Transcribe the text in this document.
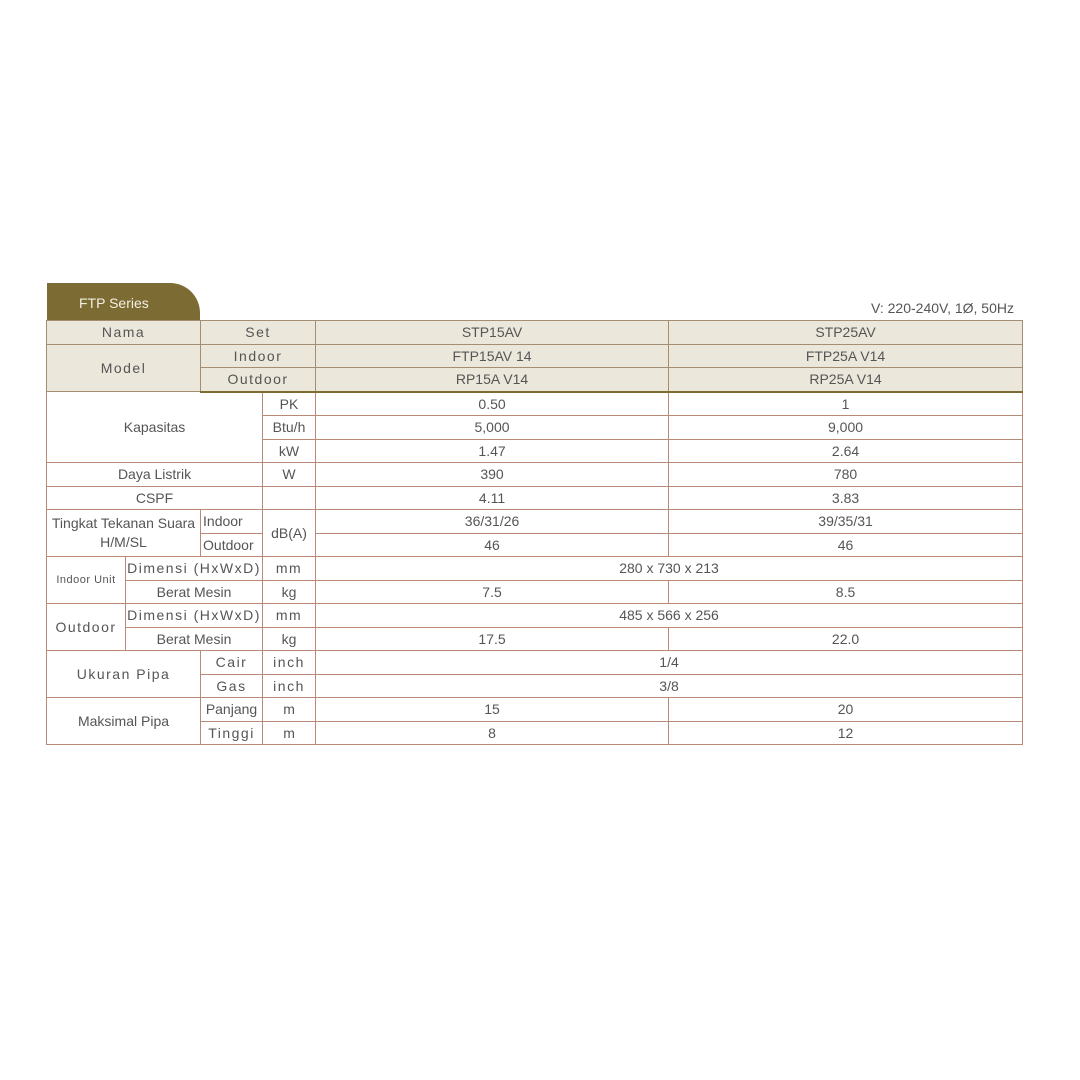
FTP Series	V: 220-240V, 1Ø, 50Hz
Nama		Set		STP15AV	STP25AV
Model		Indoor		FTP15AV 14	FTP25A V14
		Outdoor		RP15A V14	RP25A V14
Kapasitas			PK	0.50	1
			Btu/h	5,000	9,000
			kW	1.47	2.64
Daya Listrik			W	390	780
CSPF				4.11	3.83
Tingkat Tekanan Suara H/M/SL		Indoor	dB(A)	36/31/26	39/35/31
		Outdoor		46	46
Indoor Unit	Dimensi (HxWxD)		mm	280 x 730 x 213	
	Berat Mesin		kg	7.5	8.5
Outdoor	Dimensi (HxWxD)		mm	485 x 566 x 256	
	Berat Mesin		kg	17.5	22.0
Ukuran Pipa		Cair	inch	1/4	
		Gas	inch	3/8	
Maksimal Pipa		Panjang	m	15	20
		Tinggi	m	8	12
